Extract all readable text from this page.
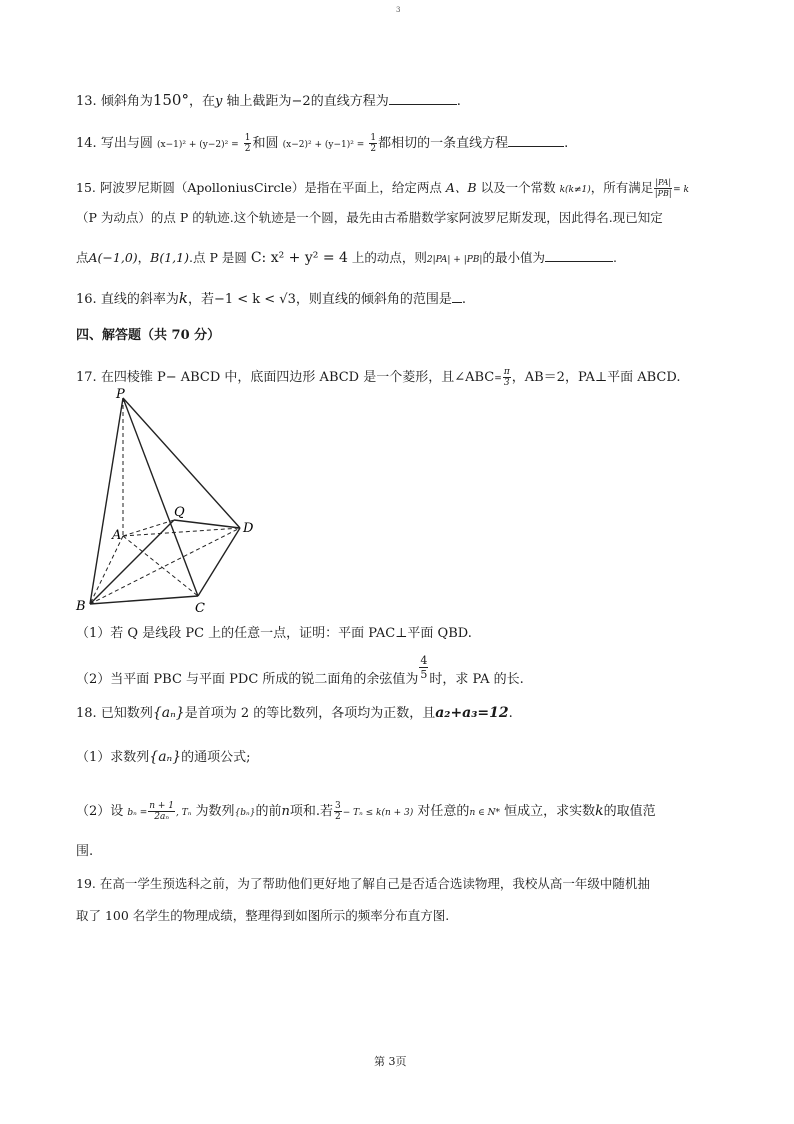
3
13. 倾斜角为150°，在y 轴上截距为−2的直线方程为	.
14. 写出与圆 $(x-1)^2 + (y-2)^2 = \frac{1}{2}$ 和圆 $(x-2)^2 + (y-1)^2 = \frac{1}{2}$ 都相切的一条直线方程	.
15. 阿波罗尼斯圆（ApolloniusCircle）是指在平面上，给定两点 A、B 以及一个常数 k(k≠1)，所有满足 $\frac{|PA|}{|PB|} = k$
（P 为动点）的点 P 的轨迹.这个轨迹是一个圆，最先由古希腊数学家阿波罗尼斯发现，因此得名.现已知定
点A(−1,0)，B(1,1).点 P 是圆 C: x² + y² = 4 上的动点，则2|PA| + |PB|的最小值为	.
16. 直线的斜率为k，若−1 < k < √3，则直线的倾斜角的范围是 .
四、解答题（共 70 分）
17. 在四棱锥 P− ABCD 中，底面四边形 ABCD 是一个菱形，且∠ABC= $\frac{\pi}{3}$ ，AB＝2，PA⊥平面 ABCD.
P
A
Q
D
B	C
（1）若 Q 是线段 PC 上的任意一点，证明：平面 PAC⊥平面 QBD.
（2）当平面 PBC 与平面 PDC 所成的锐二面角的余弦值为 $\frac{4}{5}$ 时，求 PA 的长.
18. 已知数列{aₙ}是首项为 2 的等比数列，各项均为正数，且a₂+a₃=12.
（1）求数列{aₙ}的通项公式;
（2）设 $b_n = \frac{n + 1}{\text{2aₙ}}$ , Tₙ 为数列{bₙ}的前n项和.若 $\frac{3}{2} - T_n \le k(n + 3)$ 对任意的n ∈ N* 恒成立，求实数k的取值范
围.
19. 在高一学生预选科之前，为了帮助他们更好地了解自己是否适合选读物理，我校从高一年级中随机抽
取了 100 名学生的物理成绩，整理得到如图所示的频率分布直方图.
第 3页
